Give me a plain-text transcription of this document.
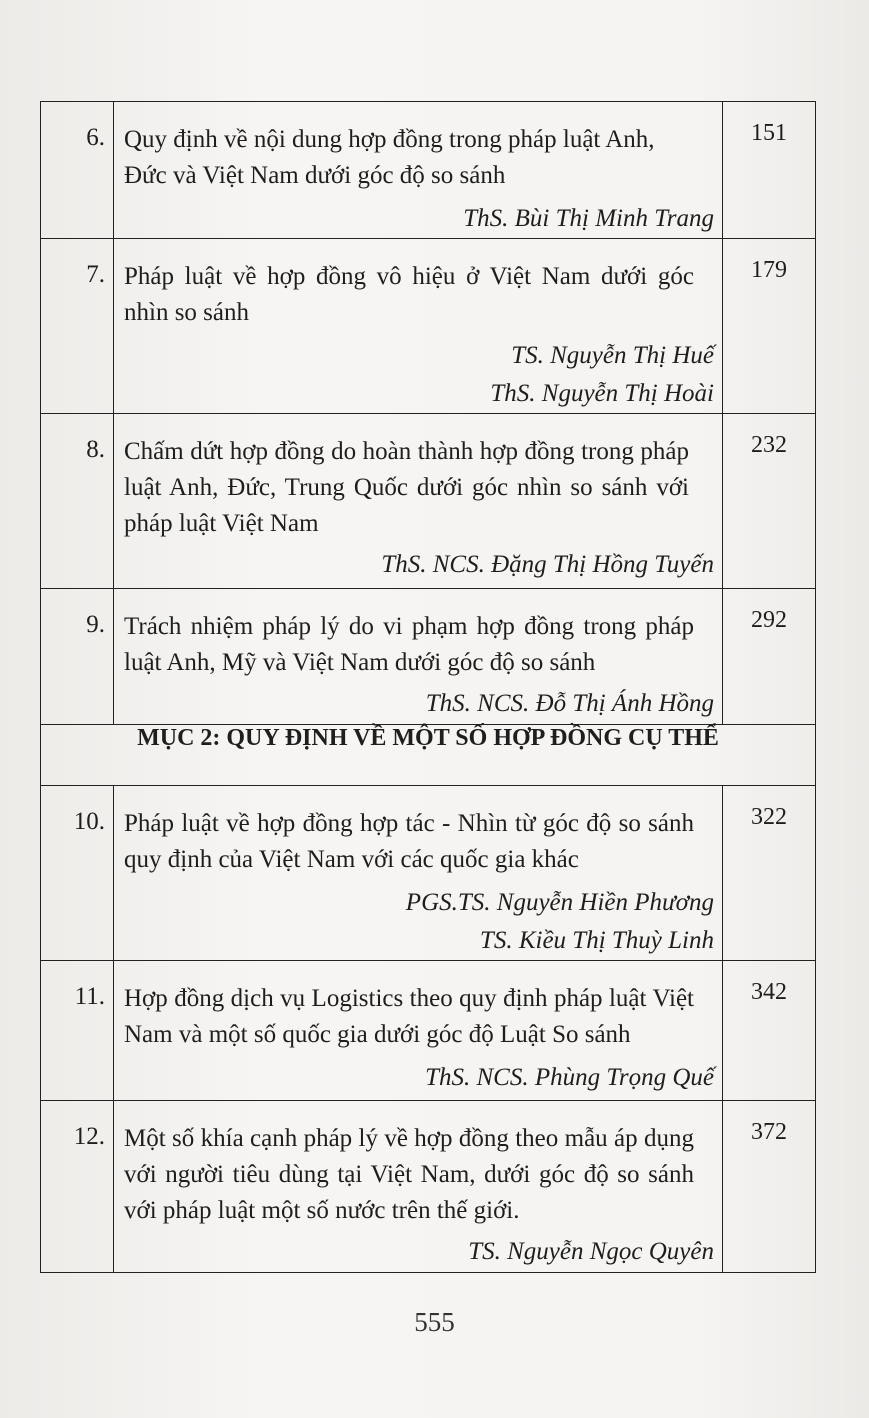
6.	Quy định về nội dung hợp đồng trong pháp luật Anh, Đức và Việt Nam dưới góc độ so sánh
ThS. Bùi Thị Minh Trang	151
7.	Pháp luật về hợp đồng vô hiệu ở Việt Nam dưới góc nhìn so sánh
TS. Nguyễn Thị Huế
ThS. Nguyễn Thị Hoài	179
8.	Chấm dứt hợp đồng do hoàn thành hợp đồng trong pháp luật Anh, Đức, Trung Quốc dưới góc nhìn so sánh với pháp luật Việt Nam
ThS. NCS. Đặng Thị Hồng Tuyến	232
9.	Trách nhiệm pháp lý do vi phạm hợp đồng trong pháp luật Anh, Mỹ và Việt Nam dưới góc độ so sánh
ThS. NCS. Đỗ Thị Ánh Hồng	292
MỤC 2: QUY ĐỊNH VỀ MỘT SỐ HỢP ĐỒNG CỤ THỂ		
10.	Pháp luật về hợp đồng hợp tác - Nhìn từ góc độ so sánh quy định của Việt Nam với các quốc gia khác
PGS.TS. Nguyễn Hiền Phương
TS. Kiều Thị Thuỳ Linh	322
11.	Hợp đồng dịch vụ Logistics theo quy định pháp luật Việt Nam và một số quốc gia dưới góc độ Luật So sánh
ThS. NCS. Phùng Trọng Quế	342
12.	Một số khía cạnh pháp lý về hợp đồng theo mẫu áp dụng với người tiêu dùng tại Việt Nam, dưới góc độ so sánh với pháp luật một số nước trên thế giới.
TS. Nguyễn Ngọc Quyên	372
555
